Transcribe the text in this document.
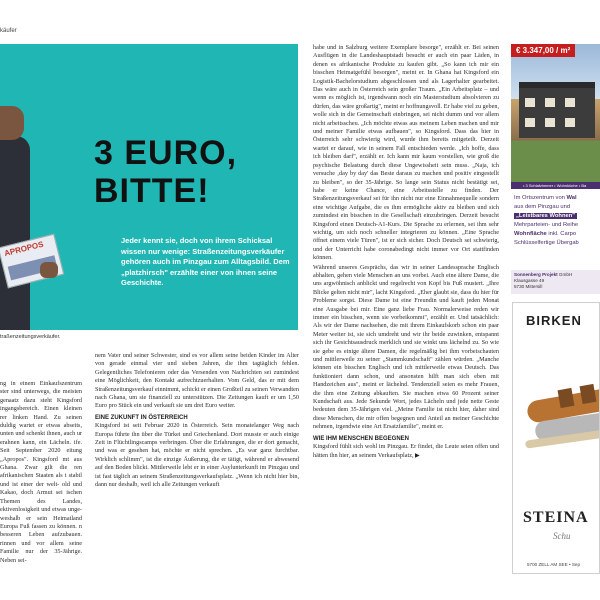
käufer
APROPOS
3 EURO, BITTE!
Jeder kennt sie, doch von ihrem Schicksal wissen nur wenige: Straßenzeitungsverkäufer gehören auch im Pinzgau zum Alltagsbild. Dem „platzhirsch" erzählte einer von ihnen seine Geschichte.
traßenzeitungsverkäufer.

ng in einem Einkaufszentrum ster sind unterwegs, die meisten genaatz dazu steht Kingsford ingangsbereich. Einen kleinen rer linken Hand. Zu seinen duldig wartet er etwas abseits, unten und schenkt ihnen, auch ur erahnen kann, ein Lächeln. ife. Seit September 2020 eitung „Apropos". Kingsford mt aus Ghana. Zwar gilt die ren afrikanischen Staaten als t stabil und ist einer der welt- old und Kakao, doch Armut sei ischen Themen des Landes, ektivenlosigkeit und etwas unge- weshalb er sein Heimatland Europa Fuß fassen zu können. n besseren Leben aufzubauen. rinnen und vor allem seine Familie nur der 35-Jährige. Neben sei-

nem Vater und seiner Schwester, sind es vor allem seine beiden Kinder im Alter von gerade einmal vier und sieben Jahren, die ihm tagtäglich fehlen. Gelegentliches Telefonieren oder das Versenden von Nachrichten sei zumindest eine Möglichkeit, den Kontakt aufrechtzuerhalten. Vom Geld, das er mit dem Straßenzeitungsverkauf einnimmt, schickt er einen Großteil zu seinen Verwandten nach Ghana, um sie finanziell zu unterstützen. Die Zeitungen kauft er um 1,50 Euro pro Stück ein und verkauft sie um drei Euro weiter.

EINE ZUKUNFT IN ÖSTERREICH

Kingsford ist seit Februar 2020 in Österreich. Sein monatelanger Weg nach Europa führte ihn über die Türkei und Griechenland. Dort musste er auch einige Zeit in Flüchtlingscamps verbringen. Über die Erfahrungen, die er dort gemacht, und was er gesehen hat, möchte er nicht sprechen. „Es war ganz furchtbar. Wirklich schlimm", ist die einzige Äußerung, die er tätigt, während er abwesend auf den Boden blickt. Mittlerweile lebt er in einer Asylunterkunft im Pinzgau und ist fast täglich an seinem Straßenzeitungsverkaufsplatz. „Wenn ich nicht hier bin, dann nur deshalb, weil ich alle Zeitungen verkauft

habe und in Salzburg weitere Exemplare besorge", erzählt er. Bei seinen Ausflügen in die Landeshauptstadt besucht er auch ein paar Läden, in denen es afrikanische Produkte zu kaufen gibt. „So kann ich mir ein bisschen Heimatgefühl besorgen", meint er. In Ghana hat Kingsford ein Logistik-Bachelorstudium abgeschlossen und als Lagerhalter gearbeitet. Das wäre auch in Österreich sein großer Traum. „Ein Arbeitsplatz – und wenn es möglich ist, irgendwann noch ein Masterstudium absolvieren zu dürfen, das wäre großartig", meint er hoffnungsvoll. Er habe viel zu geben, wolle sich in die Gemeinschaft einbringen, sei nicht dumm und vor allem nicht arbeitsscheu. „Ich möchte etwas aus meinem Leben machen und mir und meiner Familie etwas aufbauen", so Kingsford. Dass das hier in Österreich sehr schwierig wird, wurde ihm bereits mitgeteilt. Derzeit wartet er darauf, wie in seinem Fall entschieden werde. „Ich hoffe, dass ich bleiben darf", erzählt er. Ich kann mir kaum vorstellen, wie groß die psychische Belastung durch diese Ungewissheit sein muss. „Naja, ich versuche ‚day by day' das Beste daraus zu machen und positiv eingestellt zu bleiben", so der 35-Jährige. So lange sein Status nicht bestätigt sei, habe er keine Chance, eine Arbeitsstelle zu finden. Der Straßenzeitungsverkauf sei für ihn nicht nur eine Einnahmequelle sondern eine wichtige Aufgabe, die es ihm ermögliche aktiv zu bleiben und sich zumindest ein bisschen in die Gesellschaft einzubringen. Derzeit besucht Kingsford einen Deutsch-A1-Kurs. Die Sprache zu erlernen, sei ihm sehr wichtig, um sich noch schneller integrieren zu können. „Eine Sprache öffnet einem viele Türen", ist er sich sicher. Doch Deutsch sei schwierig, und der Unterricht habe coronabedingt nicht immer vor Ort stattfinden können.

Während unseres Gesprächs, das wir in seiner Landessprache Englisch abhalten, gehen viele Menschen an uns vorbei. Auch eine ältere Dame, die uns argwöhnisch anblickt und regelrecht von Kopf bis Fuß mustert. „Ihre Blicke gelten nicht mir", lacht Kingsford. „Eher glaubt sie, dass du hier für Probleme sorgst. Diese Dame ist eine Freundin und kauft jeden Monat eine Ausgabe bei mir. Eine ganz liebe Frau. Normalerweise reden wir immer ein bisschen, wenn sie vorbeikommt", erzählt er. Und tatsächlich: Als wir der Dame nachsehen, die mit ihrem Einkaufskorb schon ein paar Meter weiter ist, sie sich umdreht und wir ihr beide zuwinken, entspannt sich ihr Gesichtsausdruck merklich und sie winkt uns lächelnd zu. So wie sie gebe es einige ältere Damen, die regelmäßig bei ihm vorbeischauten und mittlerweile zu seiner „Stammkundschaft" zählen würden. „Manche können ein bisschen Englisch und ich mittlerweile etwas Deutsch. Das funktioniert dann schon, und ansonsten hilft man sich eben mit Handzeichen aus", meint er lächelnd. Tendenziell seien es mehr Frauen, die ihm eine Zeitung abkauften. Sie machen etwa 60 Prozent seiner Kundschaft aus. Jede Sekunde Wort, jedes Lächeln und jede nette Geste bedeuten dem 35-Jährigen viel. „Meine Familie ist nicht hier, daher sind diese Menschen, die mir offen begegnen und Anteil an meiner Geschichte nehmen, irgendwie eine Art Ersatzfamilie", meint er.

WIE IHM MENSCHEN BEGEGNEN

Kingsford fühlt sich wohl im Pinzgau. Er findet, die Leute seien offen und hätten ihn hier, an seinem Verkaufsplatz, ▶

€ 3.347,00 / m²
• 3 Schlafzimmer • Wohnküche • Ba
Im Ortszentrum von Wal
aus dem Pinzgau und
„Leistbares Wohnen"
Mehrparteien- und Reihe
Wohnfläche inkl. Carpo
Schlüsselfertige Übergab
Sonnenberg Projekt GmbH
Klausgasse 49
5730 Mittersill
BIRKEN
STEINA
Schu
5700 ZELL AM SEE • Sep
